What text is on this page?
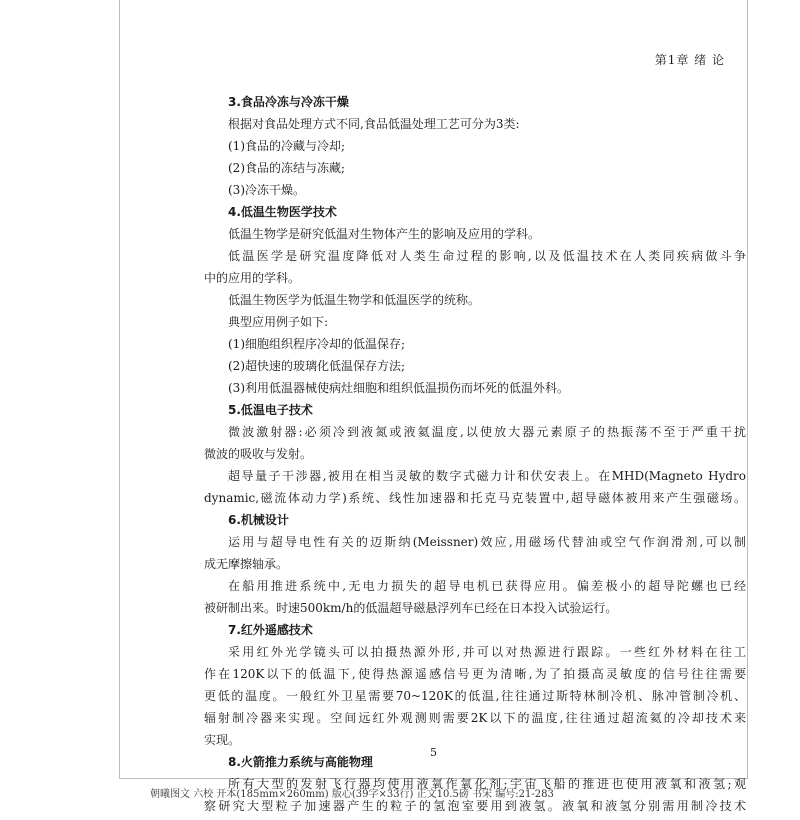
第1章 绪 论
3.食品冷冻与冷冻干燥
根据对食品处理方式不同,食品低温处理工艺可分为3类:
(1)食品的冷藏与冷却;
(2)食品的冻结与冻藏;
(3)冷冻干燥。
4.低温生物医学技术
低温生物学是研究低温对生物体产生的影响及应用的学科。
低温医学是研究温度降低对人类生命过程的影响,以及低温技术在人类同疾病做斗争
中的应用的学科。
低温生物医学为低温生物学和低温医学的统称。
典型应用例子如下:
(1)细胞组织程序冷却的低温保存;
(2)超快速的玻璃化低温保存方法;
(3)利用低温器械使病灶细胞和组织低温损伤而坏死的低温外科。
5.低温电子技术
微波激射器:必须冷到液氮或液氦温度,以使放大器元素原子的热振荡不至于严重干扰
微波的吸收与发射。
超导量子干涉器,被用在相当灵敏的数字式磁力计和伏安表上。在MHD(Magneto Hydro
dynamic,磁流体动力学)系统、线性加速器和托克马克装置中,超导磁体被用来产生强磁场。
6.机械设计
运用与超导电性有关的迈斯纳(Meissner)效应,用磁场代替油或空气作润滑剂,可以制
成无摩擦轴承。
在船用推进系统中,无电力损失的超导电机已获得应用。偏差极小的超导陀螺也已经
被研制出来。时速500km/h的低温超导磁悬浮列车已经在日本投入试验运行。
7.红外遥感技术
采用红外光学镜头可以拍摄热源外形,并可以对热源进行跟踪。一些红外材料在往工
作在120K以下的低温下,使得热源遥感信号更为清晰,为了拍摄高灵敏度的信号往往需要
更低的温度。一般红外卫星需要70~120K的低温,往往通过斯特林制冷机、脉冲管制冷机、
辐射制冷器来实现。空间远红外观测则需要2K以下的温度,往往通过超流氦的冷却技术来
实现。
8.火箭推力系统与高能物理
所有大型的发射飞行器均使用液氧作氧化剂;宇宙飞船的推进也使用液氧和液氢;观
察研究大型粒子加速器产生的粒子的氢泡室要用到液氢。液氧和液氢分别需用制冷技术
5
朝曦图文 六校 开本(185mm×260mm) 版心(39字×33行) 正文10.5磅 书宋 编号:21-283
